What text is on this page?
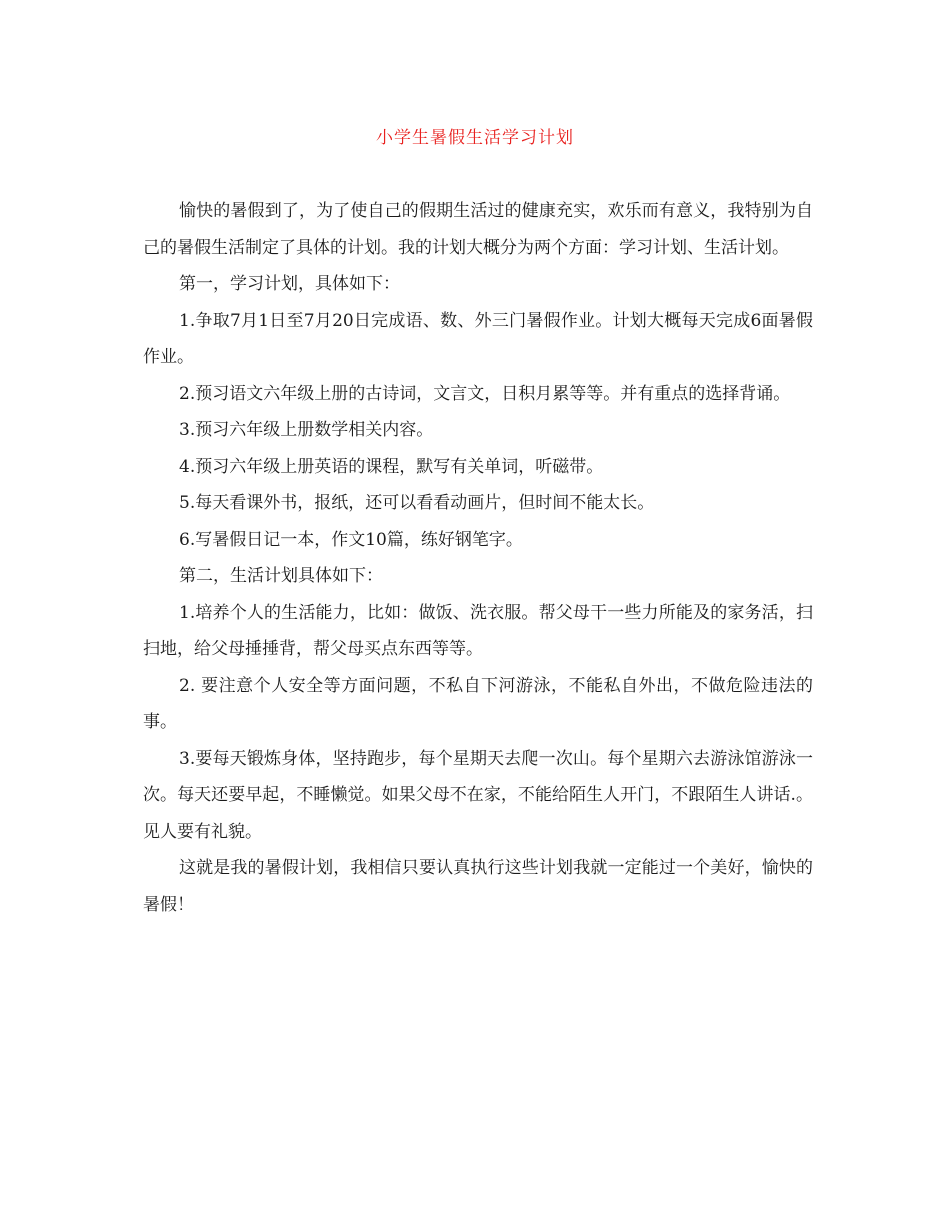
小学生暑假生活学习计划

愉快的暑假到了，为了使自己的假期生活过的健康充实，欢乐而有意义，我特别为自己的暑假生活制定了具体的计划。我的计划大概分为两个方面：学习计划、生活计划。

第一，学习计划，具体如下：

1.争取7月1日至7月20日完成语、数、外三门暑假作业。计划大概每天完成6面暑假作业。

2.预习语文六年级上册的古诗词，文言文，日积月累等等。并有重点的选择背诵。

3.预习六年级上册数学相关内容。

4.预习六年级上册英语的课程，默写有关单词，听磁带。

5.每天看课外书，报纸，还可以看看动画片，但时间不能太长。

6.写暑假日记一本，作文10篇，练好钢笔字。

第二，生活计划具体如下：

1.培养个人的生活能力，比如：做饭、洗衣服。帮父母干一些力所能及的家务活，扫扫地，给父母捶捶背，帮父母买点东西等等。

2. 要注意个人安全等方面问题，不私自下河游泳，不能私自外出，不做危险违法的事。

3.要每天锻炼身体，坚持跑步，每个星期天去爬一次山。每个星期六去游泳馆游泳一次。每天还要早起，不睡懒觉。如果父母不在家，不能给陌生人开门，不跟陌生人讲话.。见人要有礼貌。

这就是我的暑假计划，我相信只要认真执行这些计划我就一定能过一个美好，愉快的暑假！
